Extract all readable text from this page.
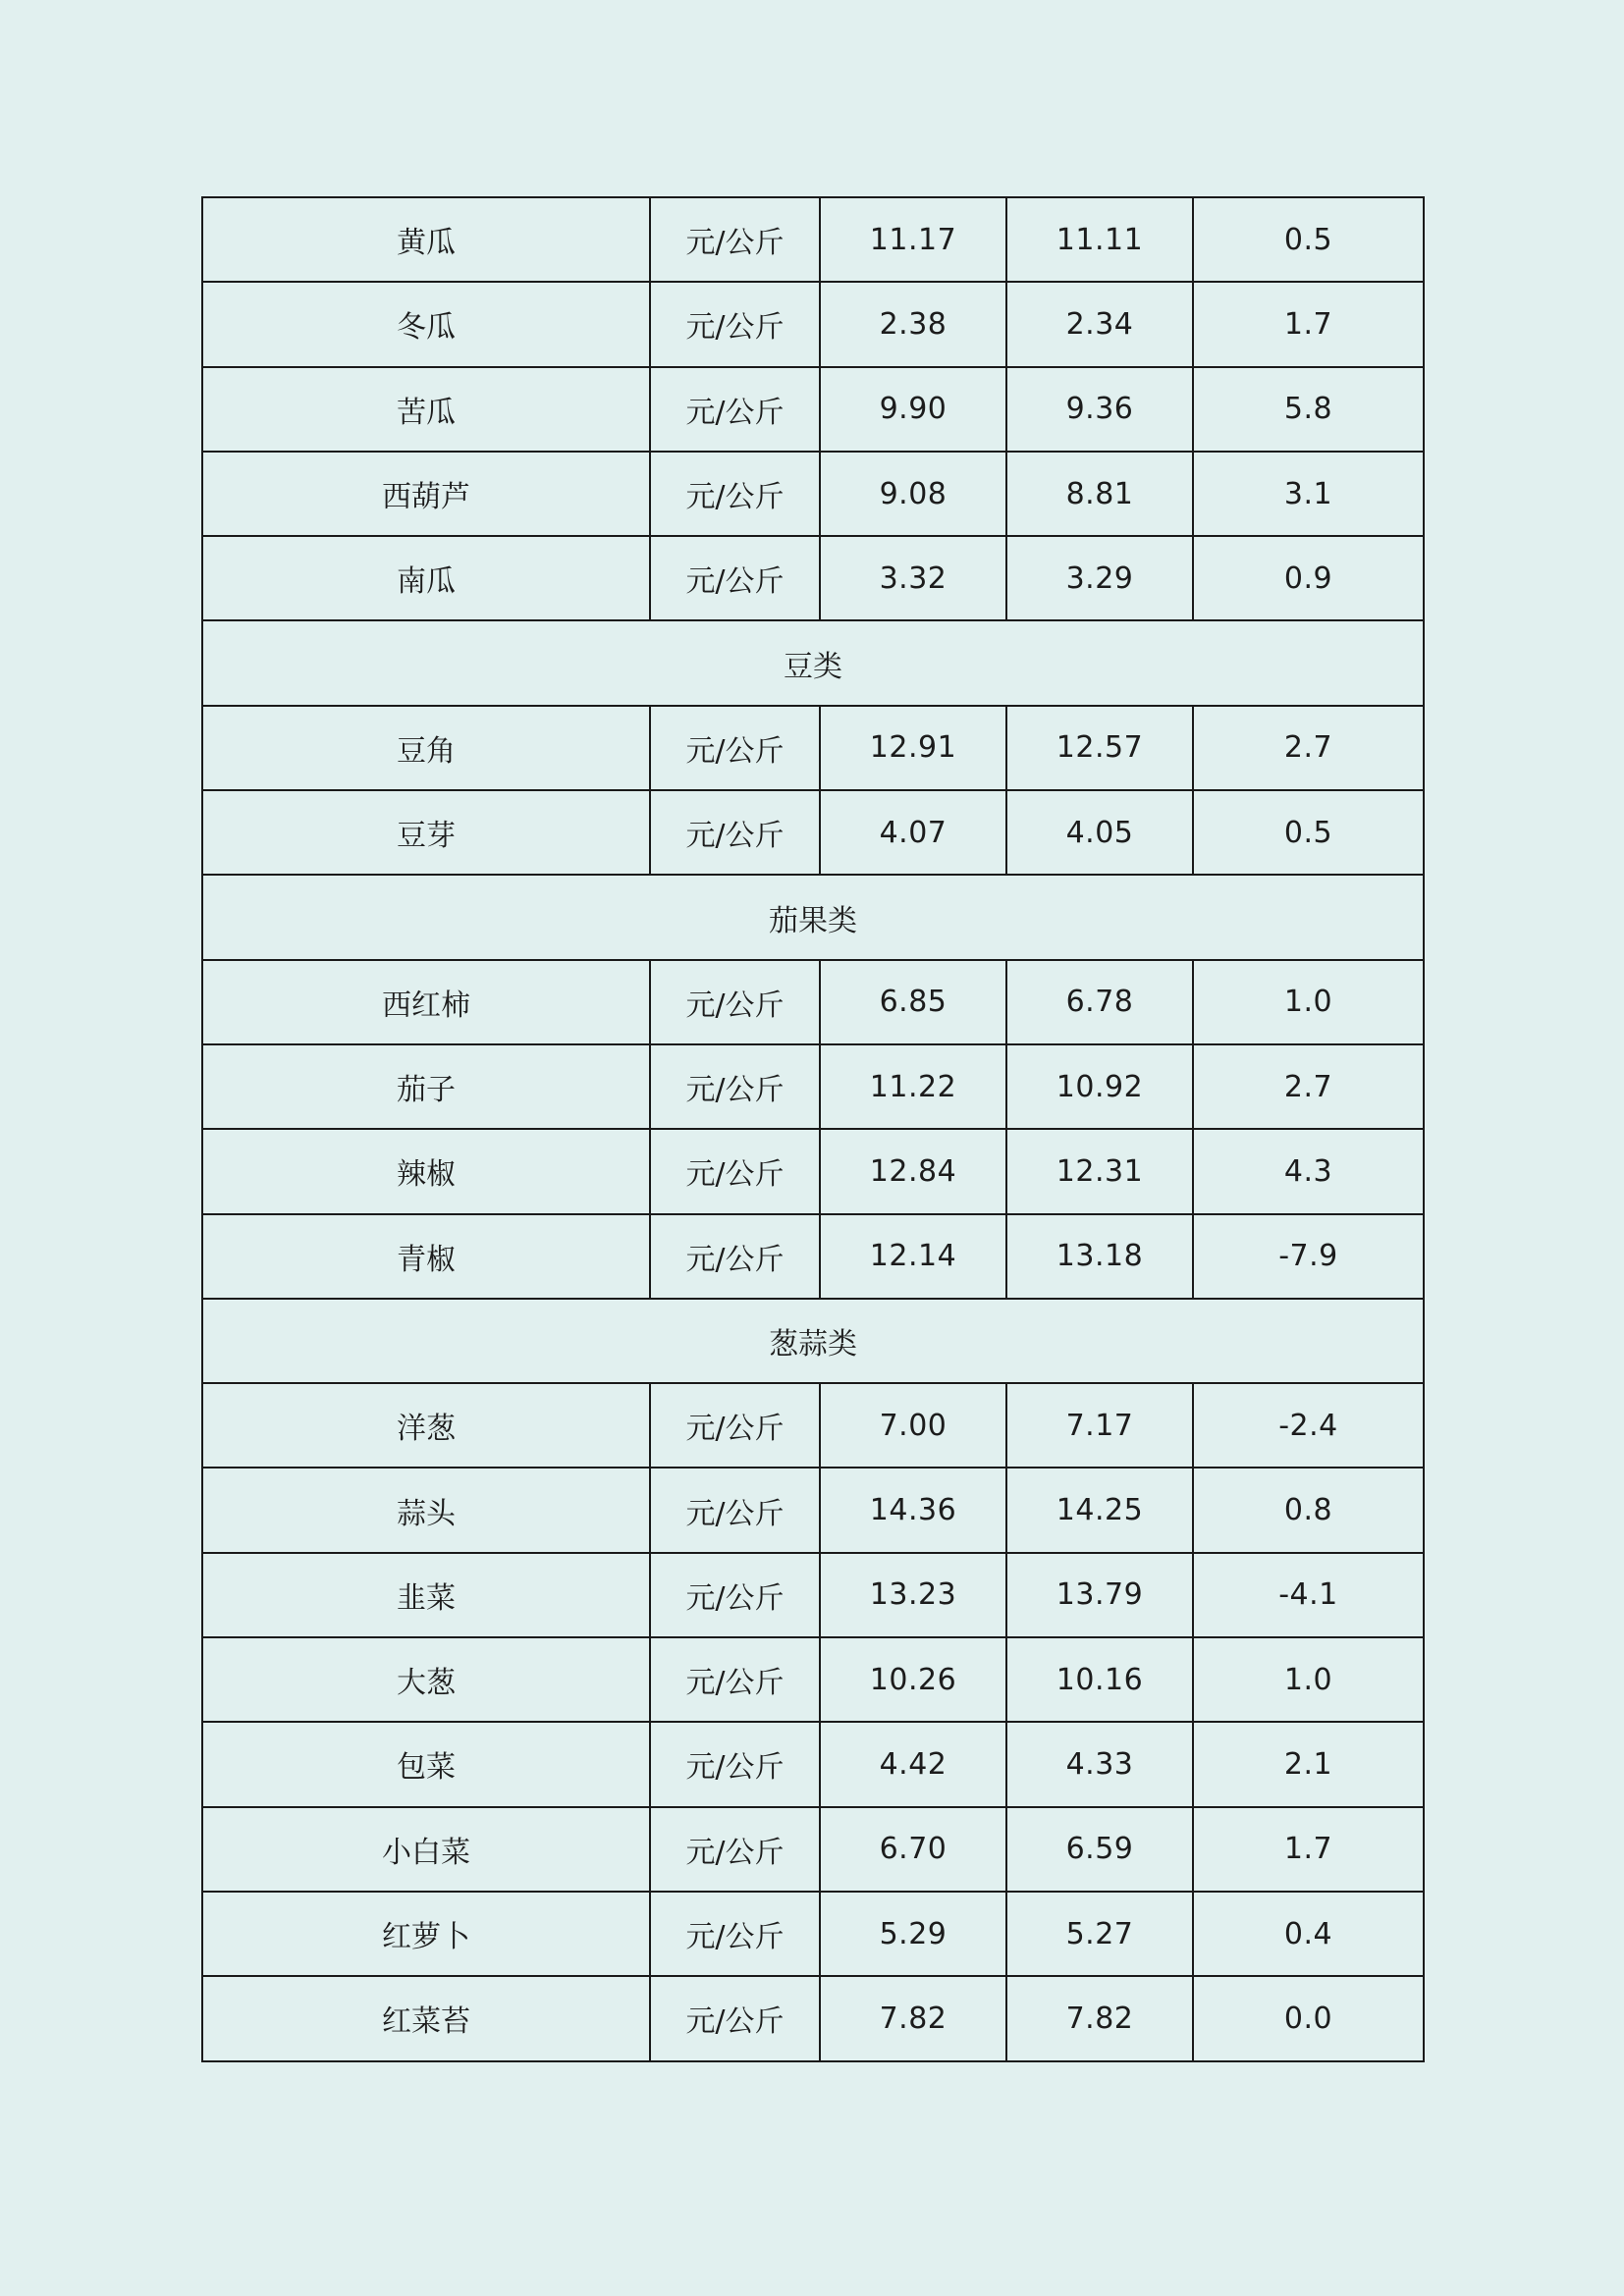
黄瓜	元/公斤	11.17	11.11	0.5
冬瓜	元/公斤	2.38	2.34	1.7
苦瓜	元/公斤	9.90	9.36	5.8
西葫芦	元/公斤	9.08	8.81	3.1
南瓜	元/公斤	3.32	3.29	0.9
豆类				
豆角	元/公斤	12.91	12.57	2.7
豆芽	元/公斤	4.07	4.05	0.5
茄果类				
西红柿	元/公斤	6.85	6.78	1.0
茄子	元/公斤	11.22	10.92	2.7
辣椒	元/公斤	12.84	12.31	4.3
青椒	元/公斤	12.14	13.18	-7.9
葱蒜类				
洋葱	元/公斤	7.00	7.17	-2.4
蒜头	元/公斤	14.36	14.25	0.8
韭菜	元/公斤	13.23	13.79	-4.1
大葱	元/公斤	10.26	10.16	1.0
包菜	元/公斤	4.42	4.33	2.1
小白菜	元/公斤	6.70	6.59	1.7
红萝卜	元/公斤	5.29	5.27	0.4
红菜苔	元/公斤	7.82	7.82	0.0
